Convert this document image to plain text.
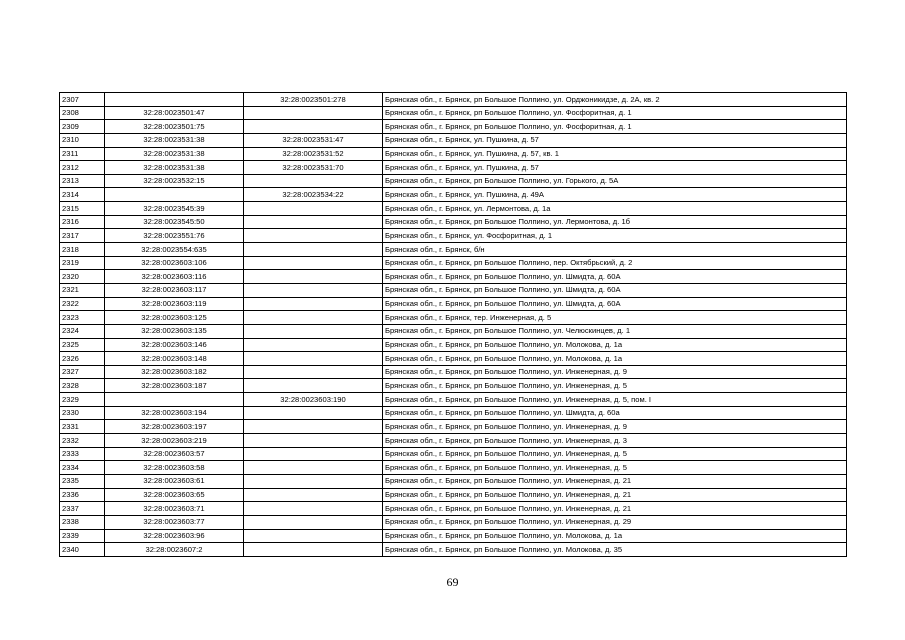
2307		32:28:0023501:278	Брянская обл., г. Брянск, рп Большое Полпино, ул. Орджоникидзе, д. 2А, кв. 2
2308	32:28:0023501:47		Брянская обл., г. Брянск, рп Большое Полпино, ул. Фосфоритная, д. 1
2309	32:28:0023501:75		Брянская обл., г. Брянск, рп Большое Полпино, ул. Фосфоритная, д. 1
2310	32:28:0023531:38	32:28:0023531:47	Брянская обл., г. Брянск, ул. Пушкина, д. 57
2311	32:28:0023531:38	32:28:0023531:52	Брянская обл., г. Брянск, ул. Пушкина, д. 57, кв. 1
2312	32:28:0023531:38	32:28:0023531:70	Брянская обл., г. Брянск, ул. Пушкина, д. 57
2313	32:28:0023532:15		Брянская обл., г. Брянск, рп Большое Полпино, ул. Горького, д. 5А
2314		32:28:0023534:22	Брянская обл., г. Брянск, ул. Пушкина, д. 49А
2315	32:28:0023545:39		Брянская обл., г. Брянск, ул. Лермонтова, д. 1а
2316	32:28:0023545:50		Брянская обл., г. Брянск, рп Большое Полпино, ул. Лермонтова, д. 1б
2317	32:28:0023551:76		Брянская обл., г. Брянск, ул. Фосфоритная, д. 1
2318	32:28:0023554:635		Брянская обл., г. Брянск, б/н
2319	32:28:0023603:106		Брянская обл., г. Брянск, рп Большое Полпино, пер. Октябрьский, д. 2
2320	32:28:0023603:116		Брянская обл., г. Брянск, рп Большое Полпино, ул. Шмидта, д. 60А
2321	32:28:0023603:117		Брянская обл., г. Брянск, рп Большое Полпино, ул. Шмидта, д. 60А
2322	32:28:0023603:119		Брянская обл., г. Брянск, рп Большое Полпино, ул. Шмидта, д. 60А
2323	32:28:0023603:125		Брянская обл., г. Брянск, тер. Инженерная, д. 5
2324	32:28:0023603:135		Брянская обл., г. Брянск, рп Большое Полпино, ул. Челюскинцев, д. 1
2325	32:28:0023603:146		Брянская обл., г. Брянск, рп Большое Полпино, ул. Молокова, д. 1а
2326	32:28:0023603:148		Брянская обл., г. Брянск, рп Большое Полпино, ул. Молокова, д. 1а
2327	32:28:0023603:182		Брянская обл., г. Брянск, рп Большое Полпино, ул. Инженерная, д. 9
2328	32:28:0023603:187		Брянская обл., г. Брянск, рп Большое Полпино, ул. Инженерная, д. 5
2329		32:28:0023603:190	Брянская обл., г. Брянск, рп Большое Полпино, ул. Инженерная, д. 5, пом. I
2330	32:28:0023603:194		Брянская обл., г. Брянск, рп Большое Полпино, ул. Шмидта, д. 60а
2331	32:28:0023603:197		Брянская обл., г. Брянск, рп Большое Полпино, ул. Инженерная, д. 9
2332	32:28:0023603:219		Брянская обл., г. Брянск, рп Большое Полпино, ул. Инженерная, д. 3
2333	32:28:0023603:57		Брянская обл., г. Брянск, рп Большое Полпино, ул. Инженерная, д. 5
2334	32:28:0023603:58		Брянская обл., г. Брянск, рп Большое Полпино, ул. Инженерная, д. 5
2335	32:28:0023603:61		Брянская обл., г. Брянск, рп Большое Полпино, ул. Инженерная, д. 21
2336	32:28:0023603:65		Брянская обл., г. Брянск, рп Большое Полпино, ул. Инженерная, д. 21
2337	32:28:0023603:71		Брянская обл., г. Брянск, рп Большое Полпино, ул. Инженерная, д. 21
2338	32:28:0023603:77		Брянская обл., г. Брянск, рп Большое Полпино, ул. Инженерная, д. 29
2339	32:28:0023603:96		Брянская обл., г. Брянск, рп Большое Полпино, ул. Молокова, д. 1а
2340	32:28:0023607:2		Брянская обл., г. Брянск, рп Большое Полпино, ул. Молокова, д. 35
69
